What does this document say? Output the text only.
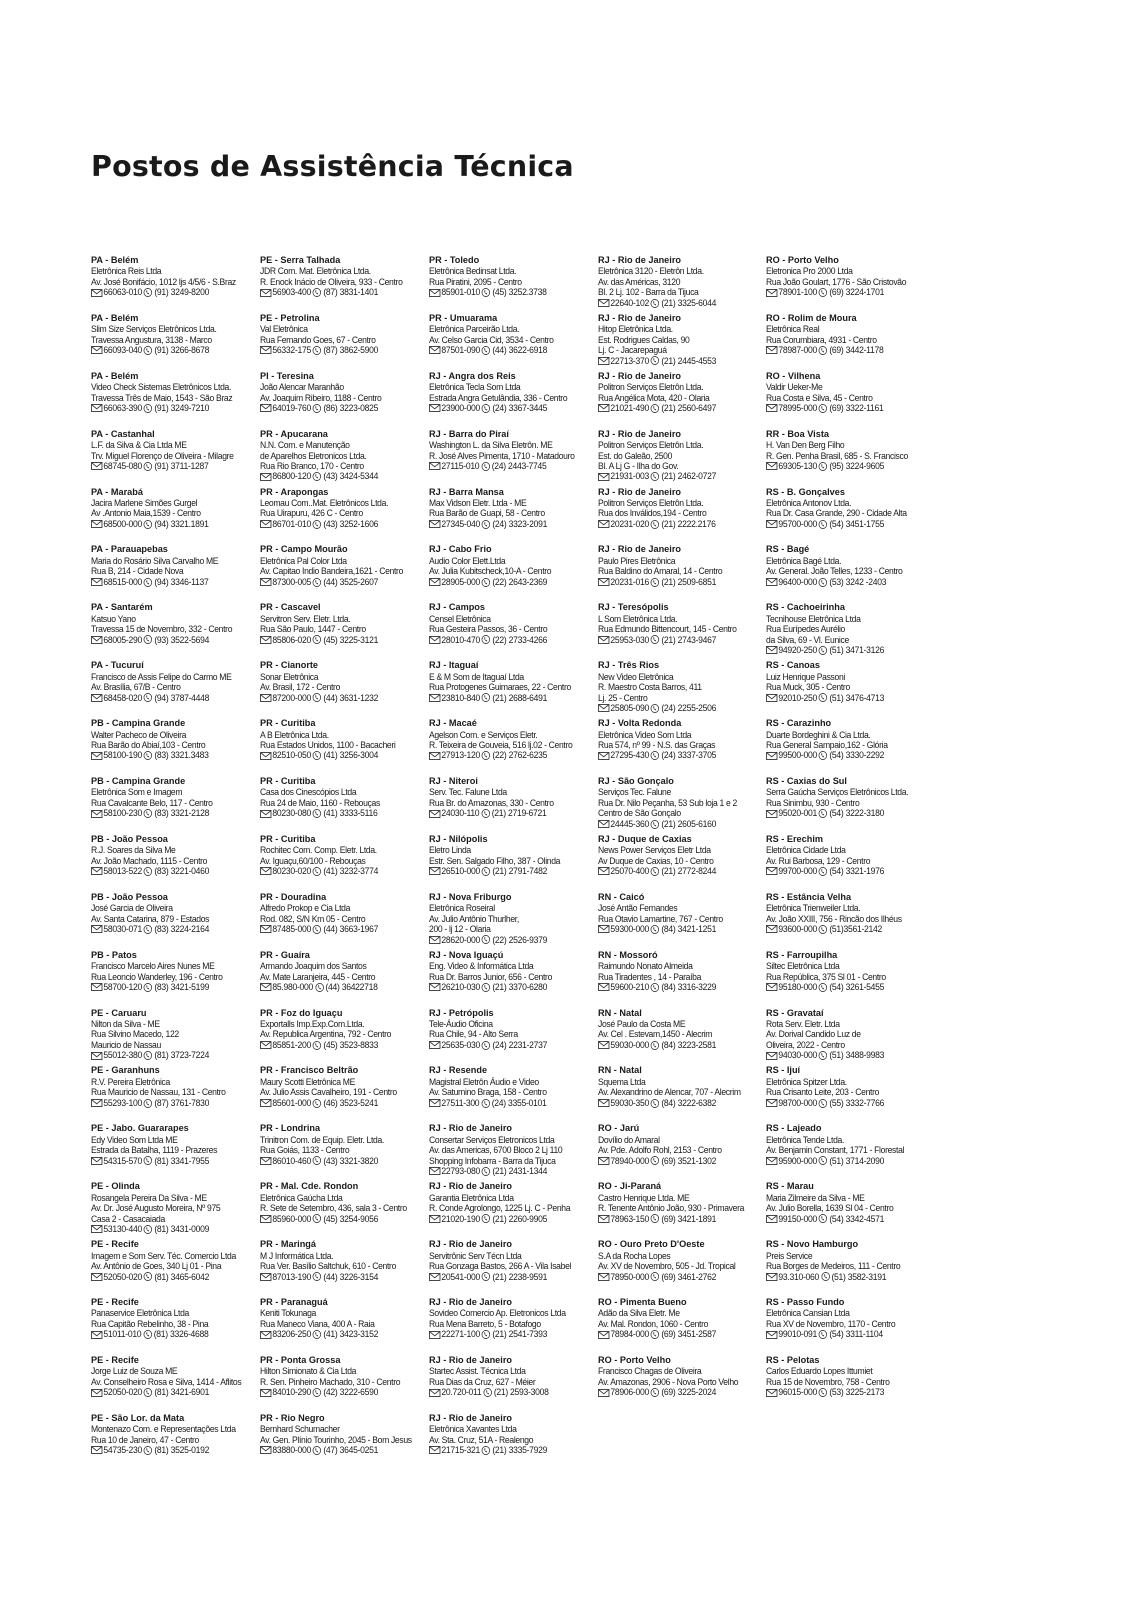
Postos de Assistência Técnica
PA - Belém
Eletrônica Reis Ltda
Av. José Bonifácio, 1012 ljs 4/5/6 - S.Braz
66063-010 (91) 3249-8200
PA - Belém
Slim Size Serviços Eletrônicos Ltda.
Travessa Angustura, 3138 - Marco
66093-040 (91) 3266-8678
PA - Belém
Video Check Sistemas Eletrônicos Ltda.
Travessa Três de Maio, 1543 - São Braz
66063-390 (91) 3249-7210
PA - Castanhal
L.F. da Silva & Cia Ltda ME
Trv. Miguel Florenço de Oliveira - Milagre
68745-080 (91) 3711-1287
PA - Marabá
Jacira Marlene Simões Gurgel
Av .Antonio Maia,1539 - Centro
68500-000 (94) 3321.1891
PA - Parauapebas
Maria do Rosário Silva Carvalho ME
Rua B, 214 - Cidade Nova
68515-000 (94) 3346-1137
PA - Santarém
Katsuo Yano
Travessa 15 de Novembro, 332 - Centro
68005-290 (93) 3522-5694
PA - Tucuruí
Francisco de Assis Felipe do Carmo ME
Av. Brasília, 67/B - Centro
68458-020 (94) 3787-4448
PB - Campina Grande
Walter Pacheco de Oliveira
Rua Barão do Abiaí,103 - Centro
58100-190 (83) 3321.3483
PB - Campina Grande
Eletrônica Som e Imagem
Rua Cavalcante Belo, 117 - Centro
58100-230 (83) 3321-2128
PB - João Pessoa
R.J. Soares da Silva Me
Av. João Machado, 1115 - Centro
58013-522 (83) 3221-0460
PB - João Pessoa
José Garcia de Oliveira
Av. Santa Catarina, 879 - Estados
58030-071 (83) 3224-2164
PB - Patos
Francisco Marcelo Aires Nunes ME
Rua Leoncio Wanderley, 196 - Centro
58700-120 (83) 3421-5199
PE - Caruaru
Nilton da Silva - ME
Rua Silvino Macedo, 122
Mauricio de Nassau
55012-380 (81) 3723-7224
PE - Garanhuns
R.V. Pereira Eletrônica
Rua Mauricio de Nassau, 131 - Centro
55293-100 (87) 3761-7830
PE - Jabo. Guararapes
Edy Video Som Ltda ME
Estrada da Batalha, 1119 - Prazeres
54315-570 (81) 3341-7955
PE - Olinda
Rosangela Pereira Da Silva - ME
Av. Dr. José Augusto Moreira, Nº 975
Casa 2 - Casacaiada
53130-440 (81) 3431-0009
PE - Recife
Imagem e Som Serv. Téc. Comercio Ltda
Av. Antônio de Goes, 340 Lj 01 - Pina
52050-020 (81) 3465-6042
PE - Recife
Panaservice Eletrônica Ltda
Rua Capitão Rebelinho, 38 - Pina
51011-010 (81) 3326-4688
PE - Recife
Jorge Luiz de Souza ME
Av. Conselheiro Rosa e Silva, 1414 - Aflitos
52050-020 (81) 3421-6901
PE - São Lor. da Mata
Montenazo Com. e Representações Ltda
Rua 10 de Janeiro, 47 - Centro
54735-230 (81) 3525-0192
PE - Serra Talhada
JDR Com. Mat. Eletrônica Ltda.
R. Enock Inácio de Oliveira, 933 - Centro
56903-400 (87) 3831-1401
PE - Petrolina
Val Eletrônica
Rua Fernando Goes, 67 - Centro
56332-175 (87) 3862-5900
PI - Teresina
João Alencar Maranhão
Av. Joaquim Ribeiro, 1188 - Centro
64019-760 (86) 3223-0825
PR - Apucarana
N.N. Com. e Manutenção
de Aparelhos Eletronicos Ltda.
Rua Rio Branco, 170 - Centro
86800-120 (43) 3424-5344
PR - Arapongas
Leomau Com..Mat. Eletrônicos Ltda.
Rua Uirapuru, 426 C - Centro
86701-010 (43) 3252-1606
PR - Campo Mourão
Eletrônica Pal Color Ltda
Av. Capitao Indio Bandeira,1621 - Centro
87300-005 (44) 3525-2607
PR - Cascavel
Servitron Serv. Eletr. Ltda.
Rua São Paulo, 1447 - Centro
85806-020 (45) 3225-3121
PR - Cianorte
Sonar Eletrônica
Av. Brasil, 172 - Centro
87200-000 (44) 3631-1232
PR - Curitiba
A B Eletrônica Ltda.
Rua Estados Unidos, 1100 - Bacacheri
82510-050 (41) 3256-3004
PR - Curitiba
Casa dos Cinescópios Ltda
Rua 24 de Maio, 1160 - Rebouças
80230-080 (41) 3333-5116
PR - Curitiba
Rochitec Com. Comp. Eletr. Ltda.
Av. Iguaçu,60/100 - Rebouças
80230-020 (41) 3232-3774
PR - Douradina
Alfredo Prokop e Cia Ltda
Rod. 082, S/N Km 05 - Centro
87485-000 (44) 3663-1967
PR - Guaíra
Armando Joaquim dos Santos
Av. Mate Laranjeira, 445 - Centro
85.980-000 (44) 36422718
PR - Foz do Iguaçu
Exportalls Imp.Exp.Com.Ltda.
Av. Republica Argentina, 792 - Centro
85851-200 (45) 3523-8833
PR - Francisco Beltrão
Maury Scotti Eletrônica ME
Av. Julio Assis Cavalheiro, 191 - Centro
85601-000 (46) 3523-5241
PR - Londrina
Trinitron Com. de Equip. Eletr. Ltda.
Rua Goiás, 1133 - Centro
86010-460 (43) 3321-3820
PR - Mal. Cde. Rondon
Eletrônica Gaúcha Ltda
R. Sete de Setembro, 436, sala 3 - Centro
85960-000 (45) 3254-9056
PR - Maringá
M J Informática Ltda.
Rua Ver. Basílio Saltchuk, 610 - Centro
87013-190 (44) 3226-3154
PR - Paranaguá
Keniti Tokunaga
Rua Maneco Viana, 400 A - Raia
83206-250 (41) 3423-3152
PR - Ponta Grossa
Hilton Simionato & Cia Ltda
R. Sen. Pinheiro Machado, 310 - Centro
84010-290 (42) 3222-6590
PR - Rio Negro
Bernhard Schumacher
Av. Gen. Plínio Tourinho, 2045 - Bom Jesus
83880-000 (47) 3645-0251
PR - Toledo
Eletrônica Bedinsat Ltda.
Rua Piratini, 2095 - Centro
85901-010 (45) 3252.3738
PR - Umuarama
Eletrônica Parceirão Ltda.
Av. Celso Garcia Cid, 3534 - Centro
87501-090 (44) 3622-6918
RJ - Angra dos Reis
Eletrônica Tecla Som Ltda
Estrada Angra Getulândia, 336 - Centro
23900-000 (24) 3367-3445
RJ - Barra do Piraí
Washington L. da Silva Eletrôn. ME
R. José Alves Pimenta, 1710 - Matadouro
27115-010 (24) 2443-7745
RJ - Barra Mansa
Max Vidson Eletr. Ltda - ME
Rua Barão de Guapi, 58 - Centro
27345-040 (24) 3323-2091
RJ - Cabo Frio
Audio Color Elett.Ltda
Av. Julia Kubitscheck,10-A - Centro
28905-000 (22) 2643-2369
RJ - Campos
Censel Eletrônica
Rua Gesteira Passos, 36 - Centro
28010-470 (22) 2733-4266
RJ - Itaguaí
E & M Som de Itaguaí Ltda
Rua Protogenes Guimaraes, 22 - Centro
23810-840 (21) 2688-6491
RJ - Macaé
Agelson Com. e Serviços Eletr.
R. Teixeira de Gouveia, 516 lj.02 - Centro
27913-120 (22) 2762-6235
RJ - Niteroi
Serv. Tec. Falune Ltda
Rua Br. do Amazonas, 330 - Centro
24030-110 (21) 2719-6721
RJ - Nilópolis
Eletro Linda
Estr. Sen. Salgado Filho, 387 - Olinda
26510-000 (21) 2791-7482
RJ - Nova Friburgo
Eletrônica Roseiral
Av. Julio Antônio Thurlher,
200 - lj 12 - Olaria
28620-000 (22) 2526-9379
RJ - Nova Iguaçú
Eng. Video & Informática Ltda
Rua Dr. Barros Junior, 656 - Centro
26210-030 (21) 3370-6280
RJ - Petrópolis
Tele-Áudio Oficina
Rua Chile, 94 - Alto Serra
25635-030 (24) 2231-2737
RJ - Resende
Magistral Eletrôn Áudio e Video
Av. Saturnino Braga, 158 - Centro
27511-300 (24) 3355-0101
RJ - Rio de Janeiro
Consertar Serviços Eletronicos Ltda
Av. das Americas, 6700 Bloco 2 Lj 110
Shopping Infobarra - Barra da Tijuca
22793-080 (21) 2431-1344
RJ - Rio de Janeiro
Garantia Eletrônica Ltda
R. Conde Agrolongo, 1225 Lj. C - Penha
21020-190 (21) 2260-9905
RJ - Rio de Janeiro
Servitrônic Serv Técn Ltda
Rua Gonzaga Bastos, 266 A - Vila Isabel
20541-000 (21) 2238-9591
RJ - Rio de Janeiro
Sovideo Comercio Ap. Eletronicos Ltda
Rua Mena Barreto, 5 - Botafogo
22271-100 (21) 2541-7393
RJ - Rio de Janeiro
Startec Assist. Técnica Ltda
Rua Dias da Cruz, 627 - Méier
20.720-011 (21) 2593-3008
RJ - Rio de Janeiro
Eletrônica Xavantes Ltda
Av. Sta. Cruz, 51A - Realengo
21715-321 (21) 3335-7929
RJ - Rio de Janeiro
Eletrônica 3120 - Eletrôn Ltda.
Av. das Américas, 3120
Bl. 2 Lj. 102 - Barra da Tijuca
22640-102 (21) 3325-6044
RJ - Rio de Janeiro
Hitop Eletrônica Ltda.
Est. Rodrigues Caldas, 90
Lj. C - Jacarepaguá
22713-370 (21) 2445-4553
RJ - Rio de Janeiro
Politron Serviços Eletrôn Ltda.
Rua Angélica Mota, 420 - Olaria
21021-490 (21) 2560-6497
RJ - Rio de Janeiro
Politron Serviços Eletrôn Ltda.
Est. do Galeão, 2500
Bl. A Lj G - Ilha do Gov.
21931-003 (21) 2462-0727
RJ - Rio de Janeiro
Politron Serviços Eletrôn Ltda.
Rua dos Inválidos,194 - Centro
20231-020 (21) 2222.2176
RJ - Rio de Janeiro
Paulo Pires Eletrônica
Rua Baldino do Amaral, 14 - Centro
20231-016 (21) 2509-6851
RJ - Teresópolis
L Som Eletrônica Ltda.
Rua Edmundo Bittencourt, 145 - Centro
25953-030 (21) 2743-9467
RJ - Três Rios
New Video Eletrônica
R. Maestro Costa Barros, 411
Lj. 25 - Centro
25805-090 (24) 2255-2506
RJ - Volta Redonda
Eletrônica Video Som Ltda
Rua 574, nº 99 - N.S. das Graças
27295-430 (24) 3337-3705
RJ - São Gonçalo
Serviços Tec. Falune
Rua Dr. Nilo Peçanha, 53 Sub loja 1 e 2
Centro de São Gonçalo
24445-360 (21) 2605-6160
RJ - Duque de Caxias
News Power Serviços Eletr Ltda
Av Duque de Caxias, 10 - Centro
25070-400 (21) 2772-8244
RN - Caicó
José Antão Fernandes
Rua Otavio Lamartine, 767 - Centro
59300-000 (84) 3421-1251
RN - Mossoró
Raimundo Nonato Almeida
Rua Tiradentes , 14 - Paraíba
59600-210 (84) 3316-3229
RN - Natal
José Paulo da Costa ME
Av. Cel . Estevam,1450 - Alecrim
59030-000 (84) 3223-2581
RN - Natal
Squema Ltda
Av. Alexandrino de Alencar, 707 - Alecrim
59030-350 (84) 3222-6382
RO - Jarú
Dovílio do Amaral
Av. Pde. Adolfo Rohl, 2153 - Centro
78940-000 (69) 3521-1302
RO - Ji-Paraná
Castro Henrique Ltda. ME
R. Tenente Antônio João, 930 - Primavera
78963-150 (69) 3421-1891
RO - Ouro Preto D'Oeste
S.A da Rocha Lopes
Av. XV de Novembro, 505 - Jd. Tropical
78950-000 (69) 3461-2762
RO - Pimenta Bueno
Adão da Silva Eletr. Me
Av. Mal. Rondon, 1060 - Centro
78984-000 (69) 3451-2587
RO - Porto Velho
Francisco Chagas de Oliveira
Av. Amazonas, 2906 - Nova Porto Velho
78906-000 (69) 3225-2024
RO - Porto Velho
Eletronica Pro 2000 Ltda
Rua João Goulart, 1776 - São Cristovão
78901-100 (69) 3224-1701
RO - Rolim de Moura
Eletrônica Real
Rua Corumbiara, 4931 - Centro
78987-000 (69) 3442-1178
RO - Vilhena
Valdir Ueker-Me
Rua Costa e Silva, 45 - Centro
78995-000 (69) 3322-1161
RR - Boa Vista
H. Van Den Berg Filho
R. Gen. Penha Brasil, 685 - S. Francisco
69305-130 (95) 3224-9605
RS - B. Gonçalves
Eletrônica Antonov Ltda.
Rua Dr. Casa Grande, 290 - Cidade Alta
95700-000 (54) 3451-1755
RS - Bagé
Eletrônica Bagé Ltda.
Av. General. João Telles, 1233 - Centro
96400-000 (53) 3242 -2403
RS - Cachoeirinha
Tecnihouse Eletrônica Ltda
Rua Eurípedes Aurélio
da Silva, 69 - Vl. Eunice
94920-250 (51) 3471-3126
RS - Canoas
Luiz Henrique Passoni
Rua Muck, 305 - Centro
92010-250 (51) 3476-4713
RS - Carazinho
Duarte Bordeghini & Cia Ltda.
Rua General Sampaio,162 - Glória
99500-000 (54) 3330-2292
RS - Caxias do Sul
Serra Gaúcha Serviços Eletrônicos Ltda.
Rua Sinimbu, 930 - Centro
95020-001 (54) 3222-3180
RS - Erechim
Eletrônica Cidade Ltda
Av. Rui Barbosa, 129 - Centro
99700-000 (54) 3321-1976
RS - Estância Velha
Eletrônica Trienweiler Ltda.
Av. João XXIII, 756 - Rincão dos Ilhéus
93600-000 (51)3561-2142
RS - Farroupilha
Siltec Eletrônica Ltda
Rua República, 375 Sl 01 - Centro
95180-000 (54) 3261-5455
RS - Gravataí
Rota Serv. Eletr. Ltda
Av. Dorival Candido Luz de
Oliveira, 2022 - Centro
94030-000 (51) 3488-9983
RS - Ijuí
Eletrônica Spitzer Ltda.
Rua Crisanto Leite, 203 - Centro
98700-000 (55) 3332-7766
RS - Lajeado
Eletrônica Tende Ltda.
Av. Benjamin Constant, 1771 - Florestal
95900-000 (51) 3714-2090
RS - Marau
Maria Zilmeire da Silva - ME
Av. Julio Borella, 1639 Sl 04 - Centro
99150-000 (54) 3342-4571
RS - Novo Hamburgo
Preis Service
Rua Borges de Medeiros, 111 - Centro
93.310-060 (51) 3582-3191
RS - Passo Fundo
Eletrônica Cansian Ltda
Rua XV de Novembro, 1170 - Centro
99010-091 (54) 3311-1104
RS - Pelotas
Carlos Eduardo Lopes Ittumiet
Rua 15 de Novembro, 758 - Centro
96015-000 (53) 3225-2173
